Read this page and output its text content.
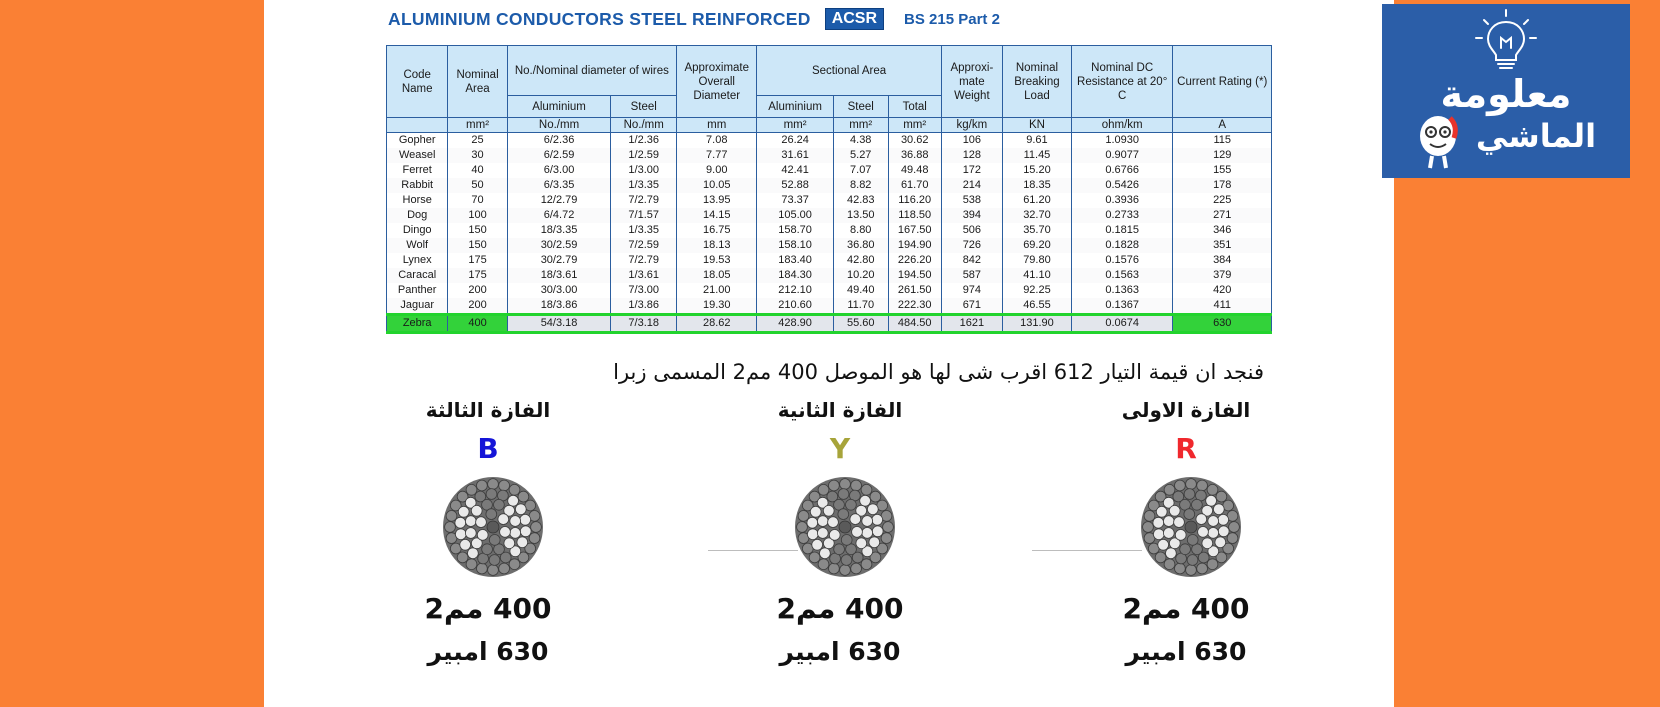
ALUMINIUM CONDUCTORS STEEL REINFORCED	ACSR	BS 215 Part 2
Code Name	Nominal Area	No./Nominal diameter of wires		Approximate Overall Diameter	Sectional Area			Approxi-mate Weight	Nominal Breaking Load	Nominal DC Resistance at 20° C	Current Rating (*)
		Aluminium	Steel		Aluminium	Steel	Total				
	mm²	No./mm	No./mm	mm	mm²	mm²	mm²	kg/km	KN	ohm/km	A
Gopher	25	6/2.36	1/2.36	7.08	26.24	4.38	30.62	106	9.61	1.0930	115
Weasel	30	6/2.59	1/2.59	7.77	31.61	5.27	36.88	128	11.45	0.9077	129
Ferret	40	6/3.00	1/3.00	9.00	42.41	7.07	49.48	172	15.20	0.6766	155
Rabbit	50	6/3.35	1/3.35	10.05	52.88	8.82	61.70	214	18.35	0.5426	178
Horse	70	12/2.79	7/2.79	13.95	73.37	42.83	116.20	538	61.20	0.3936	225
Dog	100	6/4.72	7/1.57	14.15	105.00	13.50	118.50	394	32.70	0.2733	271
Dingo	150	18/3.35	1/3.35	16.75	158.70	8.80	167.50	506	35.70	0.1815	346
Wolf	150	30/2.59	7/2.59	18.13	158.10	36.80	194.90	726	69.20	0.1828	351
Lynex	175	30/2.79	7/2.79	19.53	183.40	42.80	226.20	842	79.80	0.1576	384
Caracal	175	18/3.61	1/3.61	18.05	184.30	10.20	194.50	587	41.10	0.1563	379
Panther	200	30/3.00	7/3.00	21.00	212.10	49.40	261.50	974	92.25	0.1363	420
Jaguar	200	18/3.86	1/3.86	19.30	210.60	11.70	222.30	671	46.55	0.1367	411
Zebra	400	54/3.18	7/3.18	28.62	428.90	55.60	484.50	1621	131.90	0.0674	630
فنجد ان قيمة التيار 612 اقرب شى لها هو الموصل 400 مم2 المسمى زبرا
الفازة الثالثة
B
400 مم2
630 امبير
الفازة الثانية
Y
400 مم2
630 امبير
الفازة الاولى
R
400 مم2
630 امبير
معلومة
الماشي
